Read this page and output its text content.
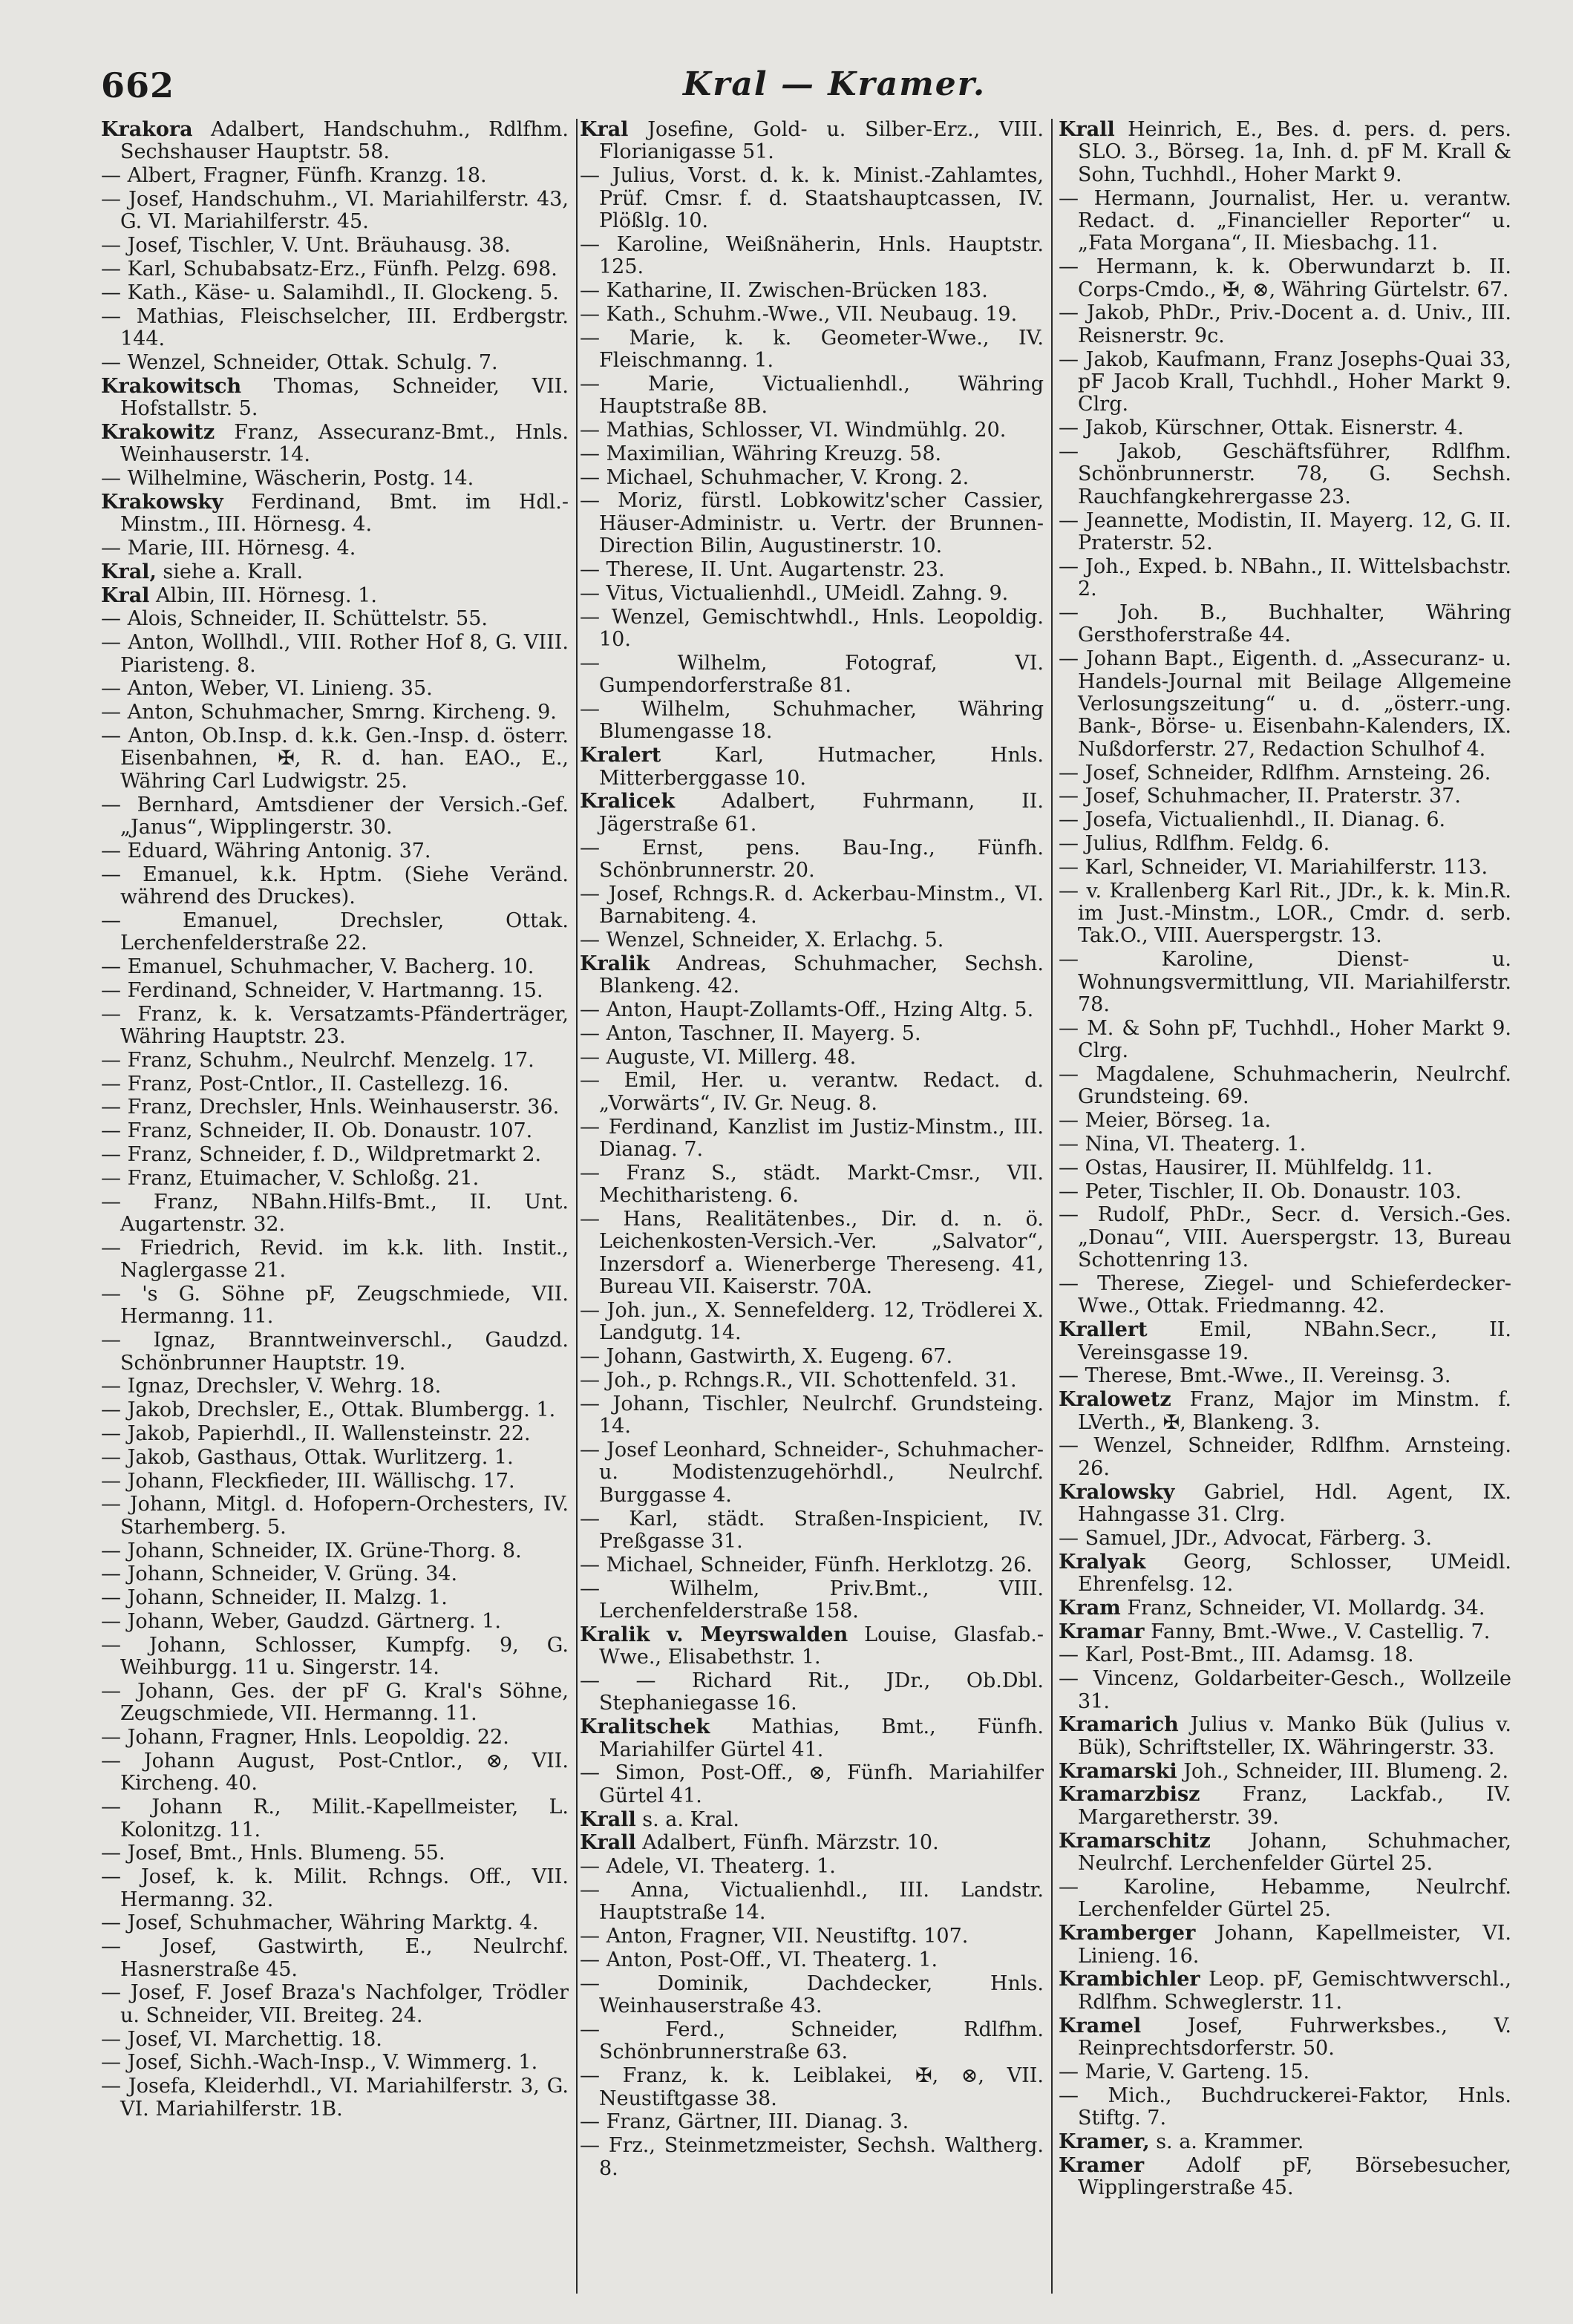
662	Kral — Kramer.

Krakora Adalbert, Handschuhm., Rdlfhm. Sechshauser Hauptstr. 58.

— Albert, Fragner, Fünfh. Kranzg. 18.

— Josef, Handschuhm., VI. Mariahilferstr. 43, G. VI. Mariahilferstr. 45.

— Josef, Tischler, V. Unt. Bräuhausg. 38.

— Karl, Schubabsatz-Erz., Fünfh. Pelzg. 698.

— Kath., Käse- u. Salamihdl., II. Glockeng. 5.

— Mathias, Fleischselcher, III. Erdbergstr. 144.

— Wenzel, Schneider, Ottak. Schulg. 7.

Krakowitsch Thomas, Schneider, VII. Hofstallstr. 5.

Krakowitz Franz, Assecuranz-Bmt., Hnls. Weinhauserstr. 14.

— Wilhelmine, Wäscherin, Postg. 14.

Krakowsky Ferdinand, Bmt. im Hdl.-Minstm., III. Hörnesg. 4.

— Marie, III. Hörnesg. 4.

Kral, siehe a. Krall.

Kral Albin, III. Hörnesg. 1.

— Alois, Schneider, II. Schüttelstr. 55.

— Anton, Wollhdl., VIII. Rother Hof 8, G. VIII. Piaristeng. 8.

— Anton, Weber, VI. Linieng. 35.

— Anton, Schuhmacher, Smrng. Kircheng. 9.

— Anton, Ob.Insp. d. k.k. Gen.-Insp. d. österr. Eisenbahnen, ✠, R. d. han. EAO., E., Währing Carl Ludwigstr. 25.

— Bernhard, Amtsdiener der Versich.-Gef. „Janus“, Wipplingerstr. 30.

— Eduard, Währing Antonig. 37.

— Emanuel, k.k. Hptm. (Siehe Veränd. während des Druckes).

— Emanuel, Drechsler, Ottak. Lerchenfelderstraße 22.

— Emanuel, Schuhmacher, V. Bacherg. 10.

— Ferdinand, Schneider, V. Hartmanng. 15.

— Franz, k. k. Versatzamts-Pfänderträger, Währing Hauptstr. 23.

— Franz, Schuhm., Neulrchf. Menzelg. 17.

— Franz, Post-Cntlor., II. Castellezg. 16.

— Franz, Drechsler, Hnls. Weinhauserstr. 36.

— Franz, Schneider, II. Ob. Donaustr. 107.

— Franz, Schneider, f. D., Wildpretmarkt 2.

— Franz, Etuimacher, V. Schloßg. 21.

— Franz, NBahn.Hilfs-Bmt., II. Unt. Augartenstr. 32.

— Friedrich, Revid. im k.k. lith. Instit., Naglergasse 21.

— 's G. Söhne pF, Zeugschmiede, VII. Hermanng. 11.

— Ignaz, Branntweinverschl., Gaudzd. Schönbrunner Hauptstr. 19.

— Ignaz, Drechsler, V. Wehrg. 18.

— Jakob, Drechsler, E., Ottak. Blumbergg. 1.

— Jakob, Papierhdl., II. Wallensteinstr. 22.

— Jakob, Gasthaus, Ottak. Wurlitzerg. 1.

— Johann, Fleckfieder, III. Wällischg. 17.

— Johann, Mitgl. d. Hofopern-Orchesters, IV. Starhemberg. 5.

— Johann, Schneider, IX. Grüne-Thorg. 8.

— Johann, Schneider, V. Grüng. 34.

— Johann, Schneider, II. Malzg. 1.

— Johann, Weber, Gaudzd. Gärtnerg. 1.

— Johann, Schlosser, Kumpfg. 9, G. Weihburgg. 11 u. Singerstr. 14.

— Johann, Ges. der pF G. Kral's Söhne, Zeugschmiede, VII. Hermanng. 11.

— Johann, Fragner, Hnls. Leopoldig. 22.

— Johann August, Post-Cntlor., ⊗, VII. Kircheng. 40.

— Johann R., Milit.-Kapellmeister, L. Kolonitzg. 11.

— Josef, Bmt., Hnls. Blumeng. 55.

— Josef, k. k. Milit. Rchngs. Off., VII. Hermanng. 32.

— Josef, Schuhmacher, Währing Marktg. 4.

— Josef, Gastwirth, E., Neulrchf. Hasnerstraße 45.

— Josef, F. Josef Braza's Nachfolger, Trödler u. Schneider, VII. Breiteg. 24.

— Josef, VI. Marchettig. 18.

— Josef, Sichh.-Wach-Insp., V. Wimmerg. 1.

— Josefa, Kleiderhdl., VI. Mariahilferstr. 3, G. VI. Mariahilferstr. 1B.

Kral Josefine, Gold- u. Silber-Erz., VIII. Florianigasse 51.

— Julius, Vorst. d. k. k. Minist.-Zahlamtes, Prüf. Cmsr. f. d. Staatshauptcassen, IV. Plößlg. 10.

— Karoline, Weißnäherin, Hnls. Hauptstr. 125.

— Katharine, II. Zwischen-Brücken 183.

— Kath., Schuhm.-Wwe., VII. Neubaug. 19.

— Marie, k. k. Geometer-Wwe., IV. Fleischmanng. 1.

— Marie, Victualienhdl., Währing Hauptstraße 8B.

— Mathias, Schlosser, VI. Windmühlg. 20.

— Maximilian, Währing Kreuzg. 58.

— Michael, Schuhmacher, V. Krong. 2.

— Moriz, fürstl. Lobkowitz'scher Cassier, Häuser-Administr. u. Vertr. der Brunnen-Direction Bilin, Augustinerstr. 10.

— Therese, II. Unt. Augartenstr. 23.

— Vitus, Victualienhdl., UMeidl. Zahng. 9.

— Wenzel, Gemischtwhdl., Hnls. Leopoldig. 10.

— Wilhelm, Fotograf, VI. Gumpendorferstraße 81.

— Wilhelm, Schuhmacher, Währing Blumengasse 18.

Kralert Karl, Hutmacher, Hnls. Mitterberggasse 10.

Kralicek Adalbert, Fuhrmann, II. Jägerstraße 61.

— Ernst, pens. Bau-Ing., Fünfh. Schönbrunnerstr. 20.

— Josef, Rchngs.R. d. Ackerbau-Minstm., VI. Barnabiteng. 4.

— Wenzel, Schneider, X. Erlachg. 5.

Kralik Andreas, Schuhmacher, Sechsh. Blankeng. 42.

— Anton, Haupt-Zollamts-Off., Hzing Altg. 5.

— Anton, Taschner, II. Mayerg. 5.

— Auguste, VI. Millerg. 48.

— Emil, Her. u. verantw. Redact. d. „Vorwärts“, IV. Gr. Neug. 8.

— Ferdinand, Kanzlist im Justiz-Minstm., III. Dianag. 7.

— Franz S., städt. Markt-Cmsr., VII. Mechitharisteng. 6.

— Hans, Realitätenbes., Dir. d. n. ö. Leichenkosten-Versich.-Ver. „Salvator“, Inzersdorf a. Wienerberge Thereseng. 41, Bureau VII. Kaiserstr. 70A.

— Joh. jun., X. Sennefelderg. 12, Trödlerei X. Landgutg. 14.

— Johann, Gastwirth, X. Eugeng. 67.

— Joh., p. Rchngs.R., VII. Schottenfeld. 31.

— Johann, Tischler, Neulrchf. Grundsteing. 14.

— Josef Leonhard, Schneider-, Schuhmacher- u. Modistenzugehörhdl., Neulrchf. Burggasse 4.

— Karl, städt. Straßen-Inspicient, IV. Preßgasse 31.

— Michael, Schneider, Fünfh. Herklotzg. 26.

— Wilhelm, Priv.Bmt., VIII. Lerchenfelderstraße 158.

Kralik v. Meyrswalden Louise, Glasfab.-Wwe., Elisabethstr. 1.

— — Richard Rit., JDr., Ob.Dbl. Stephaniegasse 16.

Kralitschek Mathias, Bmt., Fünfh. Mariahilfer Gürtel 41.

— Simon, Post-Off., ⊗, Fünfh. Mariahilfer Gürtel 41.

Krall s. a. Kral.

Krall Adalbert, Fünfh. Märzstr. 10.

— Adele, VI. Theaterg. 1.

— Anna, Victualienhdl., III. Landstr. Hauptstraße 14.

— Anton, Fragner, VII. Neustiftg. 107.

— Anton, Post-Off., VI. Theaterg. 1.

— Dominik, Dachdecker, Hnls. Weinhauserstraße 43.

— Ferd., Schneider, Rdlfhm. Schönbrunnerstraße 63.

— Franz, k. k. Leiblakei, ✠, ⊗, VII. Neustiftgasse 38.

— Franz, Gärtner, III. Dianag. 3.

— Frz., Steinmetzmeister, Sechsh. Waltherg. 8.

Krall Heinrich, E., Bes. d. pers. d. pers. SLO. 3., Börseg. 1a, Inh. d. pF M. Krall & Sohn, Tuchhdl., Hoher Markt 9.

— Hermann, Journalist, Her. u. verantw. Redact. d. „Financieller Reporter“ u. „Fata Morgana“, II. Miesbachg. 11.

— Hermann, k. k. Oberwundarzt b. II. Corps-Cmdo., ✠, ⊗, Währing Gürtelstr. 67.

— Jakob, PhDr., Priv.-Docent a. d. Univ., III. Reisnerstr. 9c.

— Jakob, Kaufmann, Franz Josephs-Quai 33, pF Jacob Krall, Tuchhdl., Hoher Markt 9. Clrg.

— Jakob, Kürschner, Ottak. Eisnerstr. 4.

— Jakob, Geschäftsführer, Rdlfhm. Schönbrunnerstr. 78, G. Sechsh. Rauchfangkehrergasse 23.

— Jeannette, Modistin, II. Mayerg. 12, G. II. Praterstr. 52.

— Joh., Exped. b. NBahn., II. Wittelsbachstr. 2.

— Joh. B., Buchhalter, Währing Gersthoferstraße 44.

— Johann Bapt., Eigenth. d. „Assecuranz- u. Handels-Journal mit Beilage Allgemeine Verlosungszeitung“ u. d. „österr.-ung. Bank-, Börse- u. Eisenbahn-Kalenders, IX. Nußdorferstr. 27, Redaction Schulhof 4.

— Josef, Schneider, Rdlfhm. Arnsteing. 26.

— Josef, Schuhmacher, II. Praterstr. 37.

— Josefa, Victualienhdl., II. Dianag. 6.

— Julius, Rdlfhm. Feldg. 6.

— Karl, Schneider, VI. Mariahilferstr. 113.

— v. Krallenberg Karl Rit., JDr., k. k. Min.R. im Just.-Minstm., LOR., Cmdr. d. serb. Tak.O., VIII. Auerspergstr. 13.

— Karoline, Dienst- u. Wohnungsvermittlung, VII. Mariahilferstr. 78.

— M. & Sohn pF, Tuchhdl., Hoher Markt 9. Clrg.

— Magdalene, Schuhmacherin, Neulrchf. Grundsteing. 69.

— Meier, Börseg. 1a.

— Nina, VI. Theaterg. 1.

— Ostas, Hausirer, II. Mühlfeldg. 11.

— Peter, Tischler, II. Ob. Donaustr. 103.

— Rudolf, PhDr., Secr. d. Versich.-Ges. „Donau“, VIII. Auerspergstr. 13, Bureau Schottenring 13.

— Therese, Ziegel- und Schieferdecker-Wwe., Ottak. Friedmanng. 42.

Krallert Emil, NBahn.Secr., II. Vereinsgasse 19.

— Therese, Bmt.-Wwe., II. Vereinsg. 3.

Kralowetz Franz, Major im Minstm. f. LVerth., ✠, Blankeng. 3.

— Wenzel, Schneider, Rdlfhm. Arnsteing. 26.

Kralowsky Gabriel, Hdl. Agent, IX. Hahngasse 31. Clrg.

— Samuel, JDr., Advocat, Färberg. 3.

Kralyak Georg, Schlosser, UMeidl. Ehrenfelsg. 12.

Kram Franz, Schneider, VI. Mollardg. 34.

Kramar Fanny, Bmt.-Wwe., V. Castellig. 7.

— Karl, Post-Bmt., III. Adamsg. 18.

— Vincenz, Goldarbeiter-Gesch., Wollzeile 31.

Kramarich Julius v. Manko Bük (Julius v. Bük), Schriftsteller, IX. Währingerstr. 33.

Kramarski Joh., Schneider, III. Blumeng. 2.

Kramarzbisz Franz, Lackfab., IV. Margaretherstr. 39.

Kramarschitz Johann, Schuhmacher, Neulrchf. Lerchenfelder Gürtel 25.

— Karoline, Hebamme, Neulrchf. Lerchenfelder Gürtel 25.

Kramberger Johann, Kapellmeister, VI. Linieng. 16.

Krambichler Leop. pF, Gemischtwverschl., Rdlfhm. Schweglerstr. 11.

Kramel Josef, Fuhrwerksbes., V. Reinprechtsdorferstr. 50.

— Marie, V. Garteng. 15.

— Mich., Buchdruckerei-Faktor, Hnls. Stiftg. 7.

Kramer, s. a. Krammer.

Kramer Adolf pF, Börsebesucher, Wipplingerstraße 45.
